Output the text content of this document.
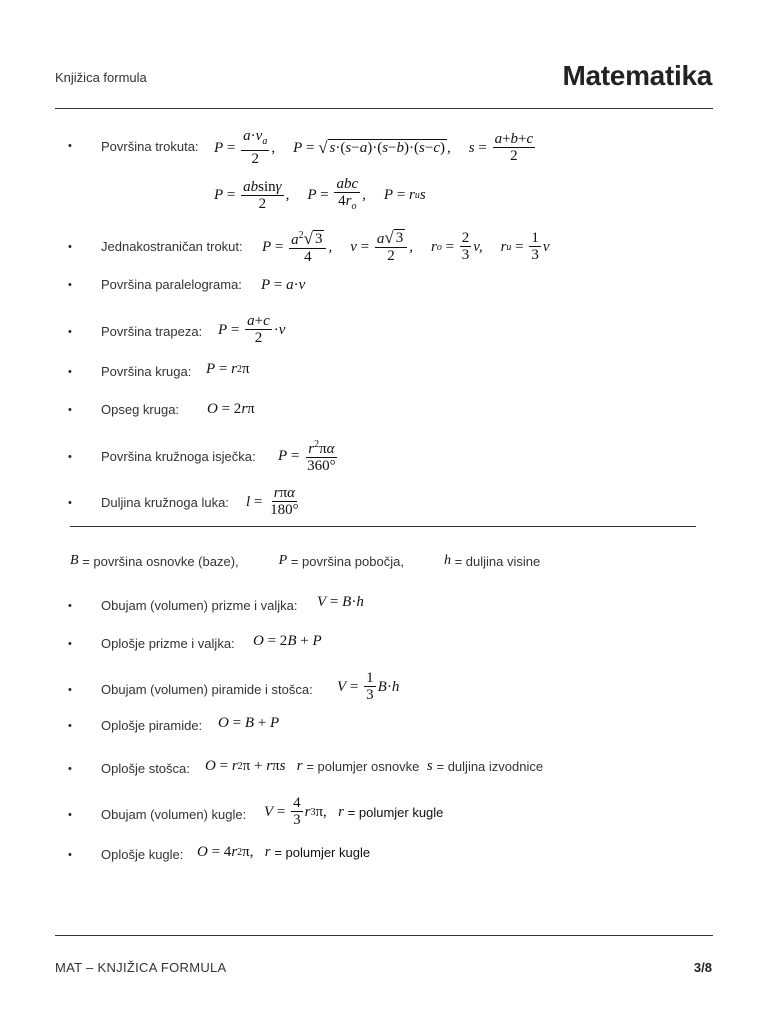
Knjižica formula	Matematika
• Površina trokuta: $P = \frac{a\cdot v_a}{2}$ ,
P = √ s·(s−a)·(s−b)·(s−c) ,
$s = \frac{a+b+c}{2}$
$P = \frac{absin\gamma}{2}$ ,
$P = \frac{\text{abc}}{4r_o}$ ,
P = r u s
• Jednakostraničan trokut: $P = \frac{a^2 √ 3}{4}$ ,
$v = \frac{a √ 3}{2}$ ,
r $o = \frac{2}{3} v$,
r $u = \frac{1}{3}$ v
• Površina paralelograma: P = a · v
• Površina trapeza: $P = \frac{a+c}{2} \cdot v$
• Površina kruga: P = r 2 π
• Opseg kruga: O = 2 r π
• Površina kružnoga isječka: $P = \frac{r^2\pi\alpha}{360^\circ}$
• Duljina kružnoga luka: $l = \frac{\text{rπα}}{180^\circ}$
B
= površina osnovke (baze),	P
= površina pobočja,	h
= duljina visine
• Obujam (volumen) prizme i valjka: V = B · h
• Oplošje prizme i valjka: O = 2 B + P
• Obujam (volumen) piramide i stošca: $V = \frac{1}{3}$ B · h
• Oplošje piramide: O = B + P
• Oplošje stošca: O = r 2 π + r π s   r = polumjer osnovke s = duljina izvodnice
• Obujam (volumen) kugle: $V = \frac{4}{3}$ r 3 π, r = polumjer kugle
• Oplošje kugle: O = 4 r 2 π, r = polumjer kugle
MAT – KNJIŽICA FORMULA	3/8
